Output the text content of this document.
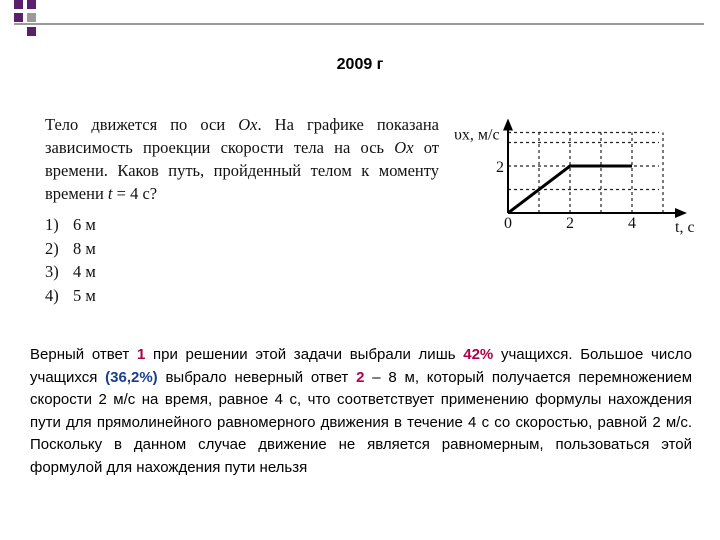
2009 г
Тело движется по оси Ox. На графике показана зависимость проекции скорости тела на ось Ox от времени. Каков путь, пройденный телом к моменту времени t = 4 с?
1) 6 м
2) 8 м
3) 4 м
4) 5 м
υx, м/с
t, с
0	2	4
2
Верный ответ 1 при решении этой задачи выбрали лишь 42% учащихся. Большое число учащихся (36,2%) выбрало неверный ответ 2 – 8 м, который получается перемножением скорости 2 м/с на время, равное 4 с, что соответствует применению формулы нахождения пути для прямолинейного равномерного движения в течение 4 с со скоростью, равной 2 м/с. Поскольку в данном случае движение не является равномерным, пользоваться этой формулой для нахождения пути нельзя
